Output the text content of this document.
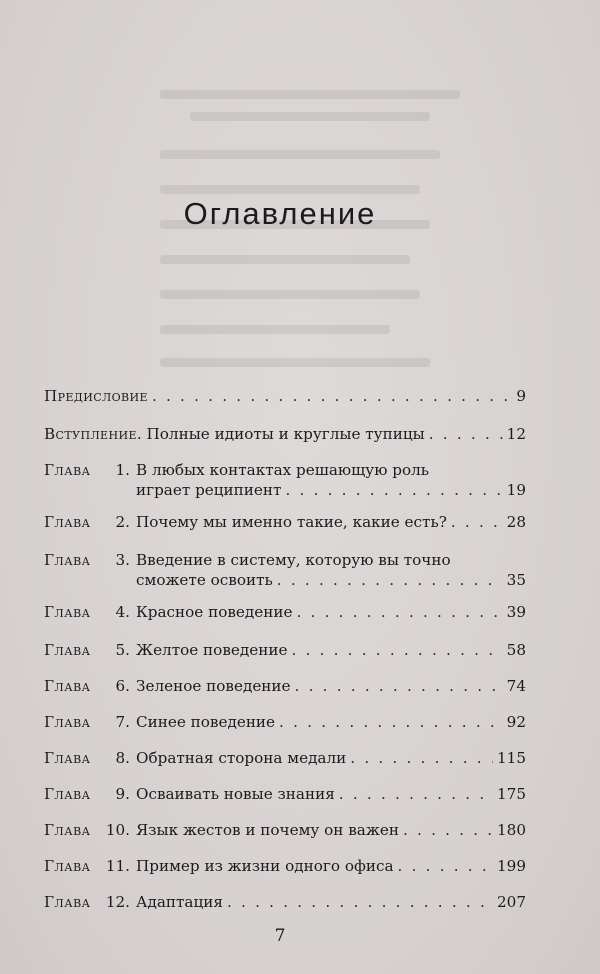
Оглавление
Предисловие . . .	9
Вступление. Полные идиоты и круглые тупицы . . .	12
Глава	1. В любых контактах решающую роль
играет реципиент . . .	19
Глава	2. Почему мы именно такие, какие есть? . . .	28
Глава	3. Введение в систему, которую вы точно
сможете освоить . . .	35
Глава	4. Красное поведение . . .	39
Глава	5. Желтое поведение . . .	58
Глава	6. Зеленое поведение . . .	74
Глава	7. Синее поведение . . .	92
Глава	8. Обратная сторона медали . . .	115
Глава	9. Осваивать новые знания . . .	175
Глава	10. Язык жестов и почему он важен . . .	180
Глава	11. Пример из жизни одного офиса . . .	199
Глава	12. Адаптация . . .	207
7
